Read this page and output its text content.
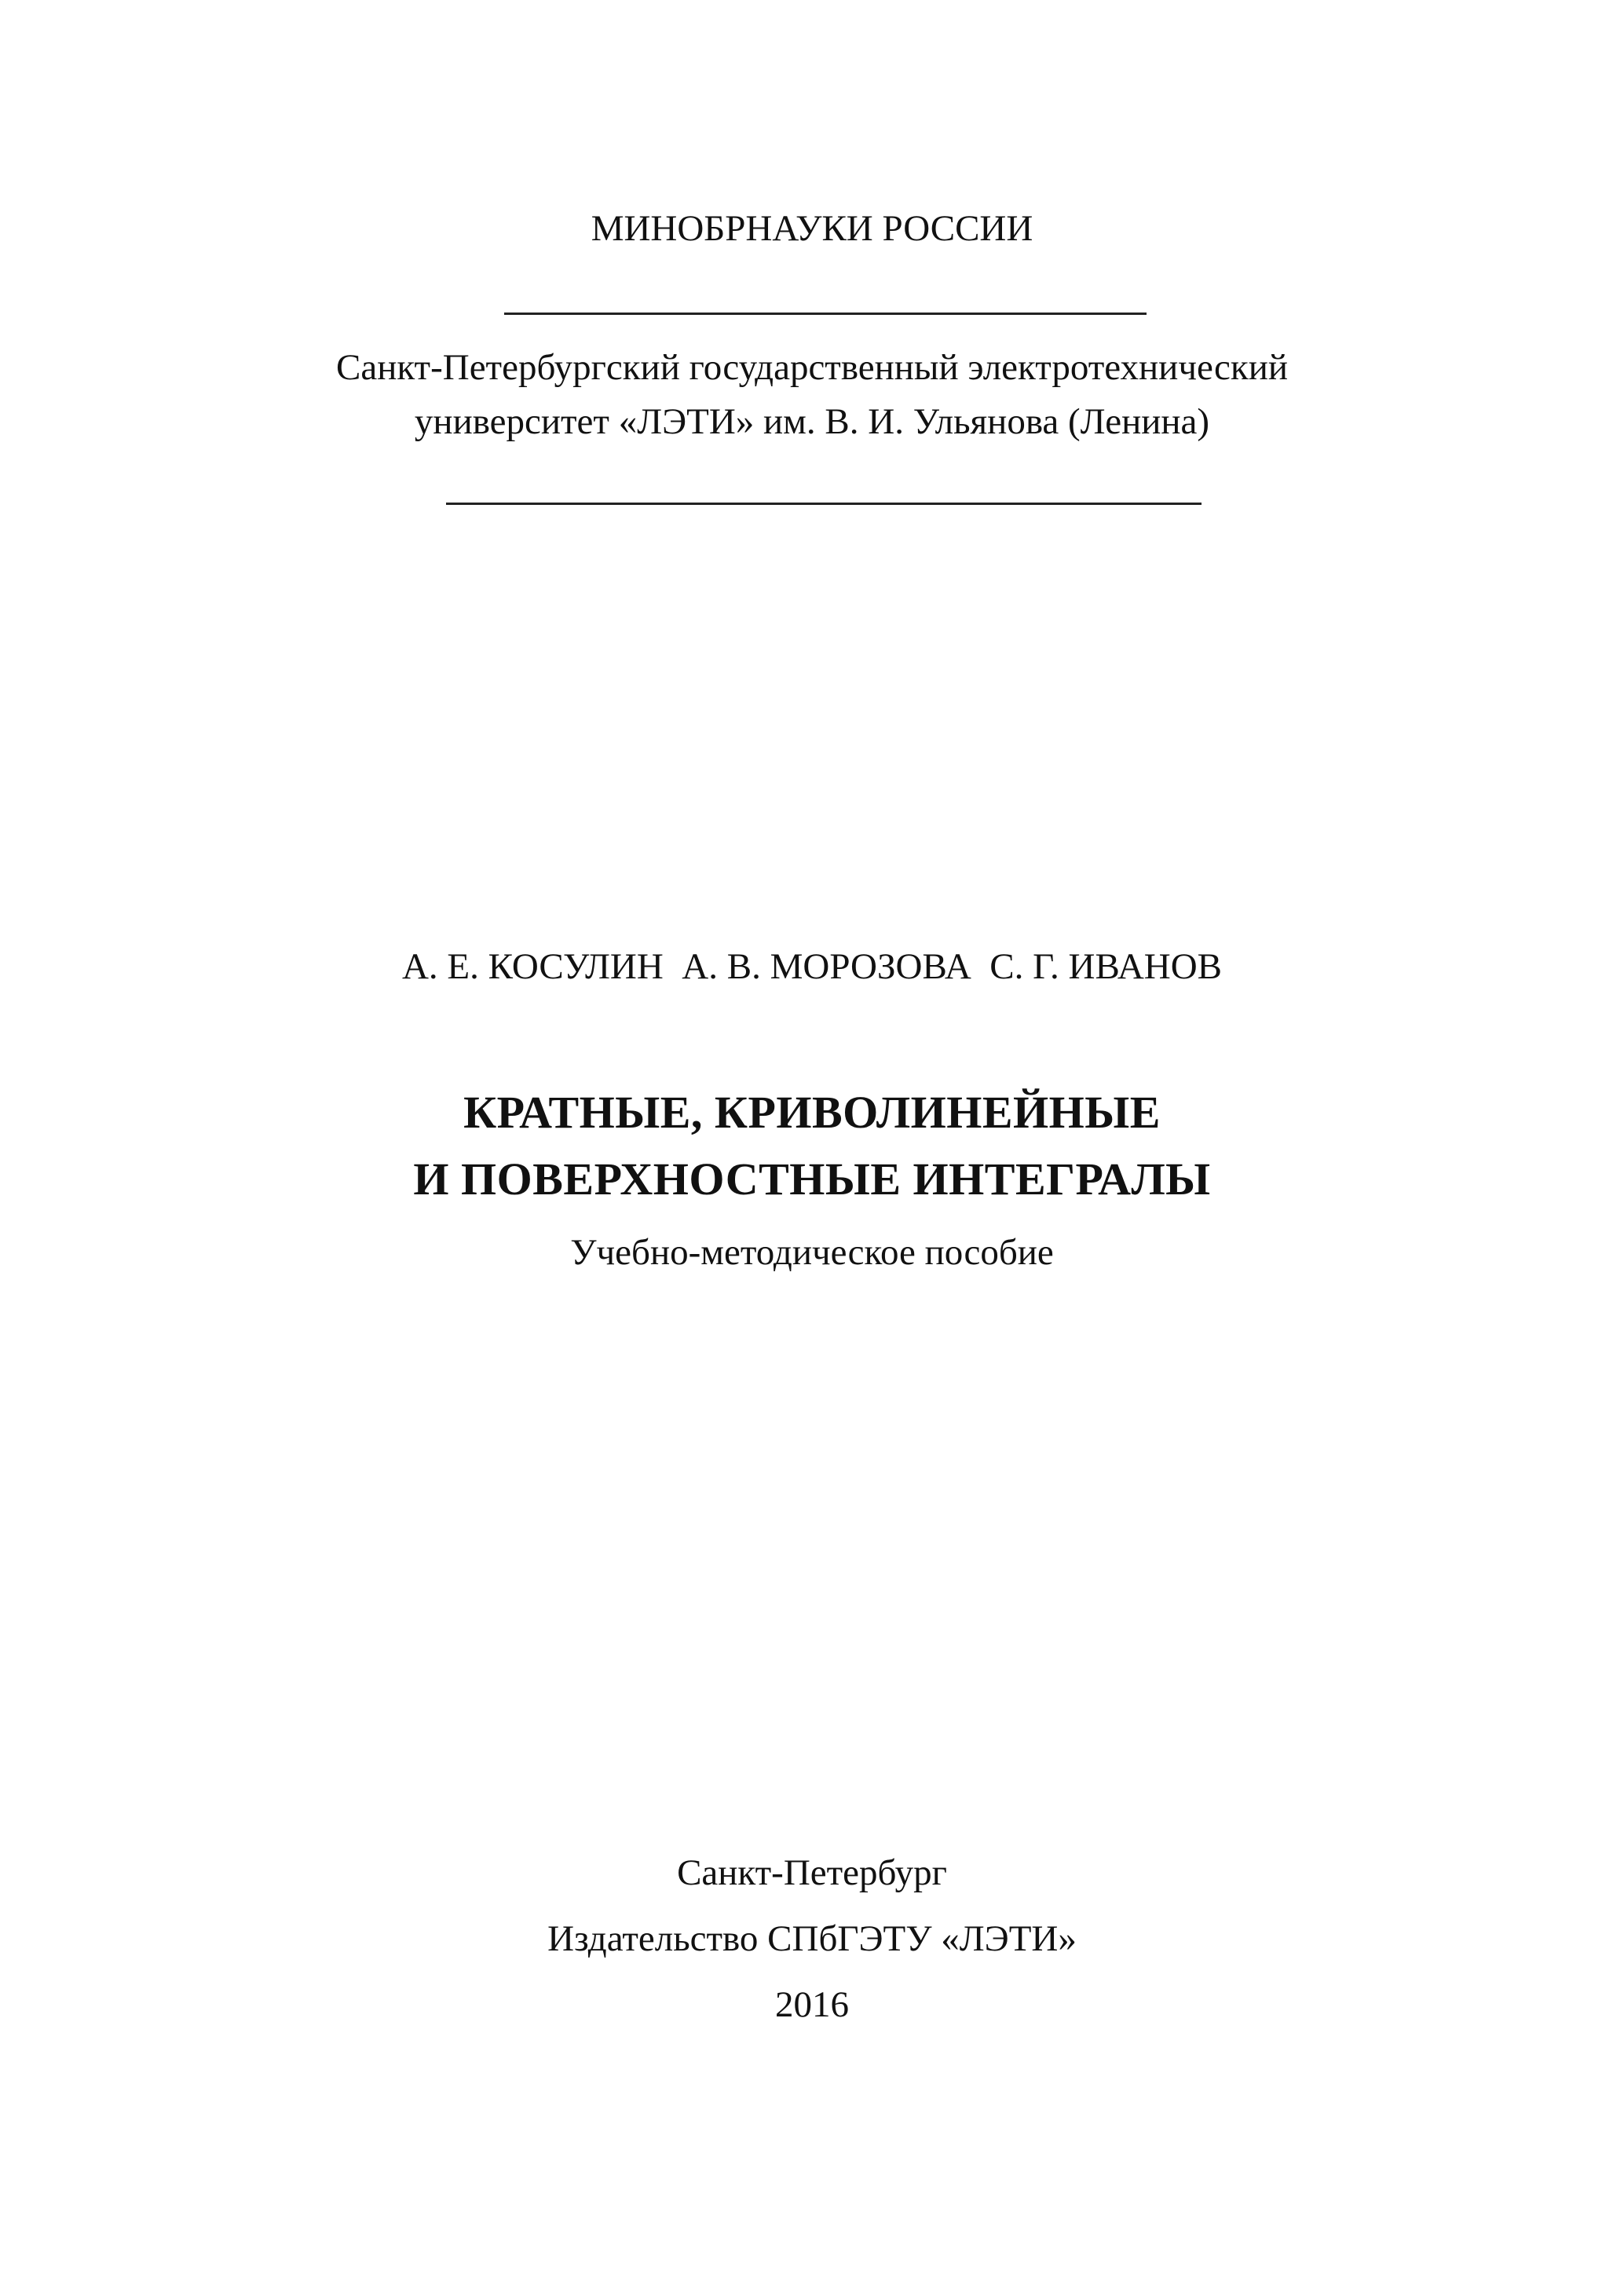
МИНОБРНАУКИ РОССИИ
Санкт-Петербургский государственный электротехнический
университет «ЛЭТИ» им. В. И. Ульянова (Ленина)
А. Е. КОСУЛИН  А. В. МОРОЗОВА  С. Г. ИВАНОВ
КРАТНЫЕ, КРИВОЛИНЕЙНЫЕ
И ПОВЕРХНОСТНЫЕ ИНТЕГРАЛЫ
Учебно-методическое пособие
Санкт-Петербург
Издательство СПбГЭТУ «ЛЭТИ»
2016
